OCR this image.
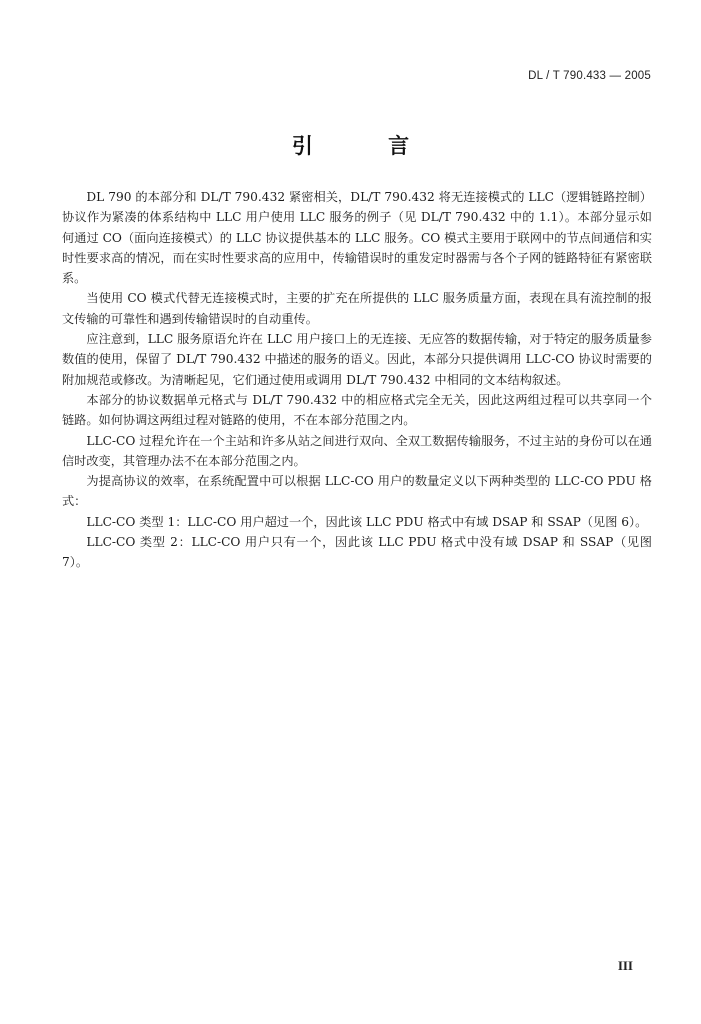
DL / T 790.433 — 2005
引 言

DL 790 的本部分和 DL/T 790.432 紧密相关，DL/T 790.432 将无连接模式的 LLC（逻辑链路控制）协议作为紧凑的体系结构中 LLC 用户使用 LLC 服务的例子（见 DL/T 790.432 中的 1.1）。本部分显示如何通过 CO（面向连接模式）的 LLC 协议提供基本的 LLC 服务。CO 模式主要用于联网中的节点间通信和实时性要求高的情况，而在实时性要求高的应用中，传输错误时的重发定时器需与各个子网的链路特征有紧密联系。

当使用 CO 模式代替无连接模式时，主要的扩充在所提供的 LLC 服务质量方面，表现在具有流控制的报文传输的可靠性和遇到传输错误时的自动重传。

应注意到，LLC 服务原语允许在 LLC 用户接口上的无连接、无应答的数据传输，对于特定的服务质量参数值的使用，保留了 DL/T 790.432 中描述的服务的语义。因此，本部分只提供调用 LLC-CO 协议时需要的附加规范或修改。为清晰起见，它们通过使用或调用 DL/T 790.432 中相同的文本结构叙述。

本部分的协议数据单元格式与 DL/T 790.432 中的相应格式完全无关，因此这两组过程可以共享同一个链路。如何协调这两组过程对链路的使用，不在本部分范围之内。

LLC-CO 过程允许在一个主站和许多从站之间进行双向、全双工数据传输服务，不过主站的身份可以在通信时改变，其管理办法不在本部分范围之内。

为提高协议的效率，在系统配置中可以根据 LLC-CO 用户的数量定义以下两种类型的 LLC-CO PDU 格式：

LLC-CO 类型 1：LLC-CO 用户超过一个，因此该 LLC PDU 格式中有域 DSAP 和 SSAP（见图 6）。

LLC-CO 类型 2：LLC-CO 用户只有一个，因此该 LLC PDU 格式中没有域 DSAP 和 SSAP（见图 7）。

III
